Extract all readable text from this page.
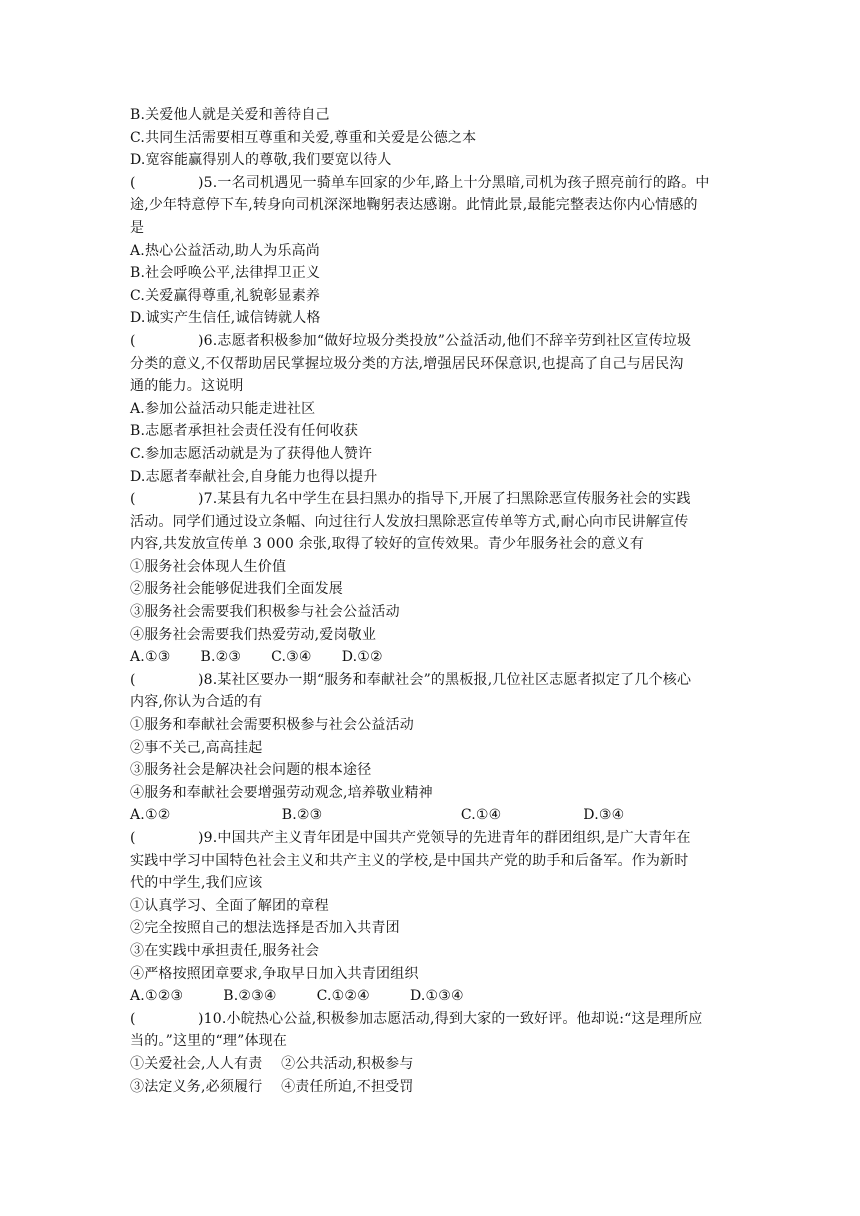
B.关爱他人就是关爱和善待自己
C.共同生活需要相互尊重和关爱,尊重和关爱是公德之本
D.宽容能赢得别人的尊敬,我们要宽以待人
(	)5.一名司机遇见一骑单车回家的少年,路上十分黑暗,司机为孩子照亮前行的路。中
途,少年特意停下车,转身向司机深深地鞠躬表达感谢。此情此景,最能完整表达你内心情感的
是
A.热心公益活动,助人为乐高尚
B.社会呼唤公平,法律捍卫正义
C.关爱赢得尊重,礼貌彰显素养
D.诚实产生信任,诚信铸就人格
(	)6.志愿者积极参加“做好垃圾分类投放”公益活动,他们不辞辛劳到社区宣传垃圾
分类的意义,不仅帮助居民掌握垃圾分类的方法,增强居民环保意识,也提高了自己与居民沟
通的能力。这说明
A.参加公益活动只能走进社区
B.志愿者承担社会责任没有任何收获
C.参加志愿活动就是为了获得他人赞许
D.志愿者奉献社会,自身能力也得以提升
(	)7.某县有九名中学生在县扫黑办的指导下,开展了扫黑除恶宣传服务社会的实践
活动。同学们通过设立条幅、向过往行人发放扫黑除恶宣传单等方式,耐心向市民讲解宣传
内容,共发放宣传单 3 000 余张,取得了较好的宣传效果。青少年服务社会的意义有
①服务社会体现人生价值
②服务社会能够促进我们全面发展
③服务社会需要我们积极参与社会公益活动
④服务社会需要我们热爱劳动,爱岗敬业
A.①③ B.②③ C.③④ D.①②
(	)8.某社区要办一期“服务和奉献社会”的黑板报,几位社区志愿者拟定了几个核心
内容,你认为合适的有
①服务和奉献社会需要积极参与社会公益活动
②事不关己,高高挂起
③服务社会是解决社会问题的根本途径
④服务和奉献社会要增强劳动观念,培养敬业精神
A.①②	B.②③	C.①④	D.③④
(	)9.中国共产主义青年团是中国共产党领导的先进青年的群团组织,是广大青年在
实践中学习中国特色社会主义和共产主义的学校,是中国共产党的助手和后备军。作为新时
代的中学生,我们应该
①认真学习、全面了解团的章程
②完全按照自己的想法选择是否加入共青团
③在实践中承担责任,服务社会
④严格按照团章要求,争取早日加入共青团组织
A.①②③	B.②③④	C.①②④	D.①③④
(	)10.小皖热心公益,积极参加志愿活动,得到大家的一致好评。他却说:“这是理所应
当的。”这里的“理”体现在
①关爱社会,人人有责 ②公共活动,积极参与
③法定义务,必须履行 ④责任所迫,不担受罚
